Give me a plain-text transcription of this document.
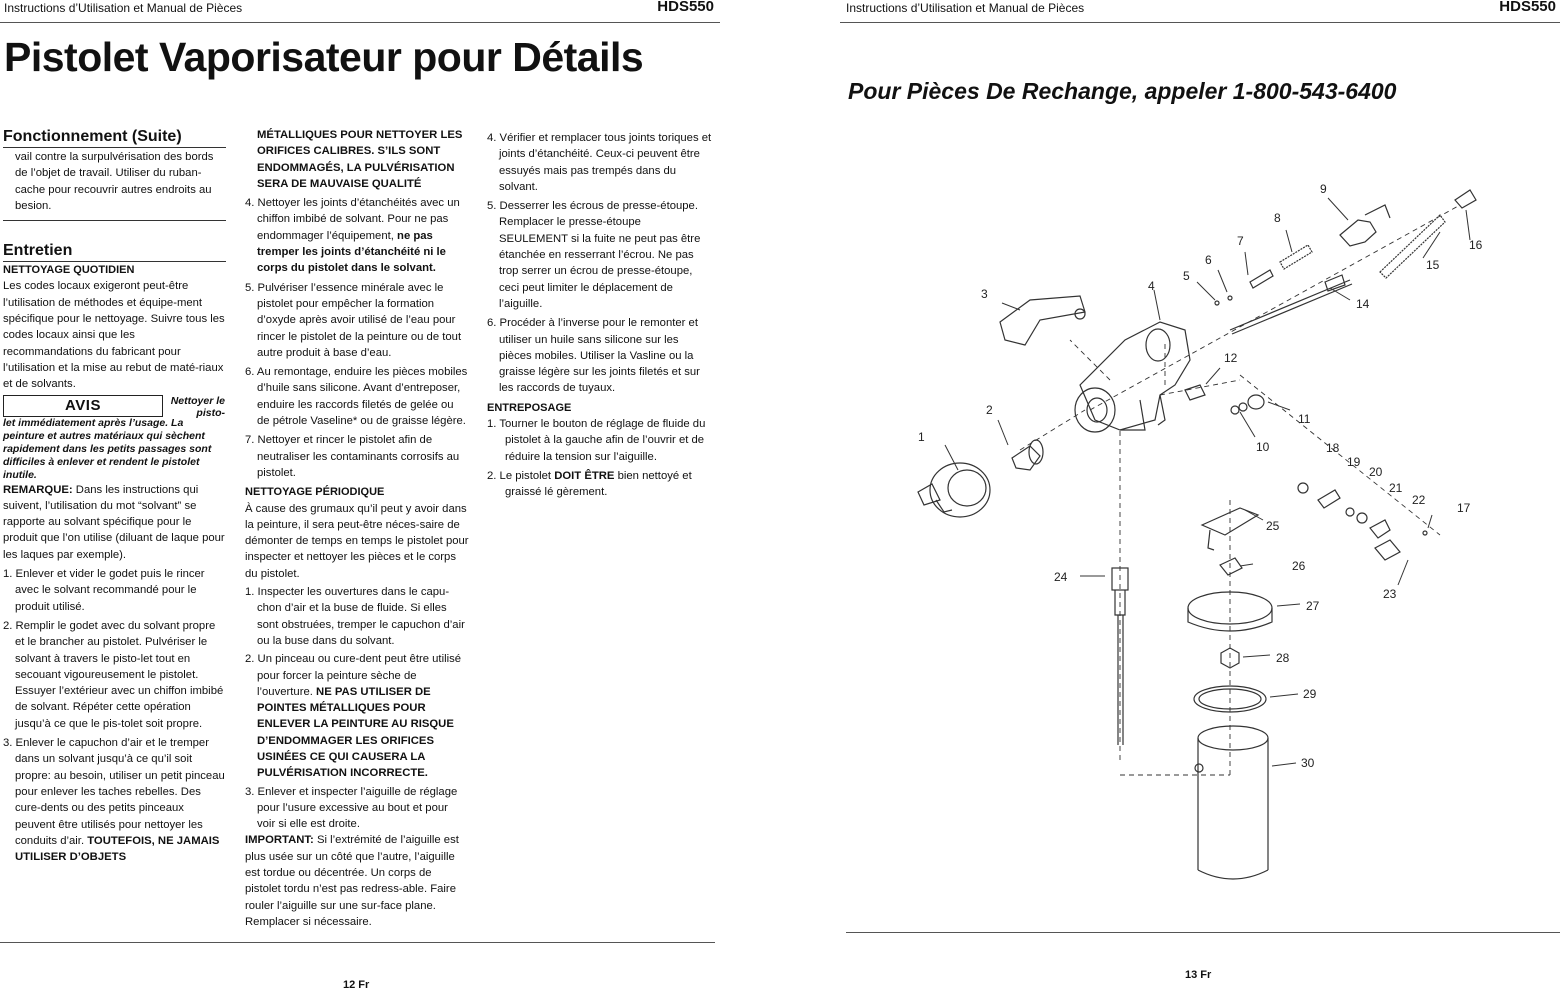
Instructions d’Utilisation et Manual de Pièces	HDS550
Pistolet Vaporisateur pour Détails
Fonctionnement (Suite)

vail contre la surpulvérisation des bords de l’objet de travail. Utiliser du ruban-cache pour recouvrir autres endroits au besion.

Entretien

NETTOYAGE QUOTIDIEN

Les codes locaux exigeront peut-être l’utilisation de méthodes et équipe-ment spécifique pour le nettoyage. Suivre tous les codes locaux ainsi que les recommandations du fabricant pour l’utilisation et la mise au rebut de maté-riaux et de solvants.

AVIS	Nettoyer le pisto-

let immédiatement après l’usage. La peinture et autres matériaux qui sèchent rapidement dans les petits passages sont difficiles à enlever et rendent le pistolet inutile.

REMARQUE: Dans les instructions qui suivent, l’utilisation du mot “solvant” se rapporte au solvant spécifique pour le produit que l’on utilise (diluant de laque pour les laques par exemple).

1. Enlever et vider le godet puis le rincer avec le solvant recommandé pour le produit utilisé.

2. Remplir le godet avec du solvant propre et le brancher au pistolet. Pulvériser le solvant à travers le pisto-let tout en secouant vigoureusement le pistolet. Essuyer l’extérieur avec un chiffon imbibé de solvant. Répéter cette opération jusqu’à ce que le pis-tolet soit propre.

3. Enlever le capuchon d’air et le tremper dans un solvant jusqu’à ce qu’il soit propre: au besoin, utiliser un petit pinceau pour enlever les taches rebelles. Des cure-dents ou des petits pinceaux peuvent être utilisés pour nettoyer les conduits d’air. TOUTEFOIS, NE JAMAIS UTILISER D’OBJETS

MÉTALLIQUES POUR NETTOYER LES ORIFICES CALIBRES. S’ILS SONT ENDOMMAGÉS, LA PULVÉRISATION SERA DE MAUVAISE QUALITÉ

4. Nettoyer les joints d’étanchéités avec un chiffon imbibé de solvant. Pour ne pas endommager l’équipement, ne pas tremper les joints d’étanchéité ni le corps du pistolet dans le solvant.

5. Pulvériser l’essence minérale avec le pistolet pour empêcher la formation d’oxyde après avoir utilisé de l’eau pour rincer le pistolet de la peinture ou de tout autre produit à base d’eau.

6. Au remontage, enduire les pièces mobiles d’huile sans silicone. Avant d’entreposer, enduire les raccords filetés de gelée ou de pétrole Vaseline* ou de graisse légère.

7. Nettoyer et rincer le pistolet afin de neutraliser les contaminants corrosifs au pistolet.

NETTOYAGE PÉRIODIQUE

À cause des grumaux qu’il peut y avoir dans la peinture, il sera peut-être néces-saire de démonter de temps en temps le pistolet pour inspecter et nettoyer les pièces et le corps du pistolet.

1. Inspecter les ouvertures dans le capu-chon d’air et la buse de fluide. Si elles sont obstruées, tremper le capuchon d’air ou la buse dans du solvant.

2. Un pinceau ou cure-dent peut être utilisé pour forcer la peinture sèche de l’ouverture. NE PAS UTILISER DE POINTES MÉTALLIQUES POUR ENLEVER LA PEINTURE AU RISQUE D’ENDOMMAGER LES ORIFICES USINÉES CE QUI CAUSERA LA PULVÉRISATION INCORRECTE.

3. Enlever et inspecter l’aiguille de réglage pour l’usure excessive au bout et pour voir si elle est droite.

IMPORTANT: Si l’extrémité de l’aiguille est plus usée sur un côté que l’autre, l’aiguille est tordue ou décentrée. Un corps de pistolet tordu n’est pas redress-able. Faire rouler l’aiguille sur une sur-face plane. Remplacer si nécessaire.

4. Vérifier et remplacer tous joints toriques et joints d’étanchéité. Ceux-ci peuvent être essuyés mais pas trempés dans du solvant.

5. Desserrer les écrous de presse-étoupe. Remplacer le presse-étoupe SEULEMENT si la fuite ne peut pas être étanchée en resserrant l’écrou. Ne pas trop serrer un écrou de presse-étoupe, ceci peut limiter le déplacement de l’aiguille.

6. Procéder à l’inverse pour le remonter et utiliser un huile sans silicone sur les pièces mobiles. Utiliser la Vasline ou la graisse légère sur les joints filetés et sur les raccords de tuyaux.

ENTREPOSAGE

1. Tourner le bouton de réglage de fluide du pistolet à la gauche afin de l’ouvrir et de réduire la tension sur l’aiguille.

2. Le pistolet DOIT ÊTRE bien nettoyé et graissé lé gèrement.

12 Fr
Instructions d’Utilisation et Manual de Pièces	HDS550
Pour Pièces De Rechange, appeler 1-800-543-6400
1
2
3
4
5
6
7
8
9
10
11
12
14
15
16
17
18
19
20
21
22
23
24
25
26
27
28
29
30
13 Fr
